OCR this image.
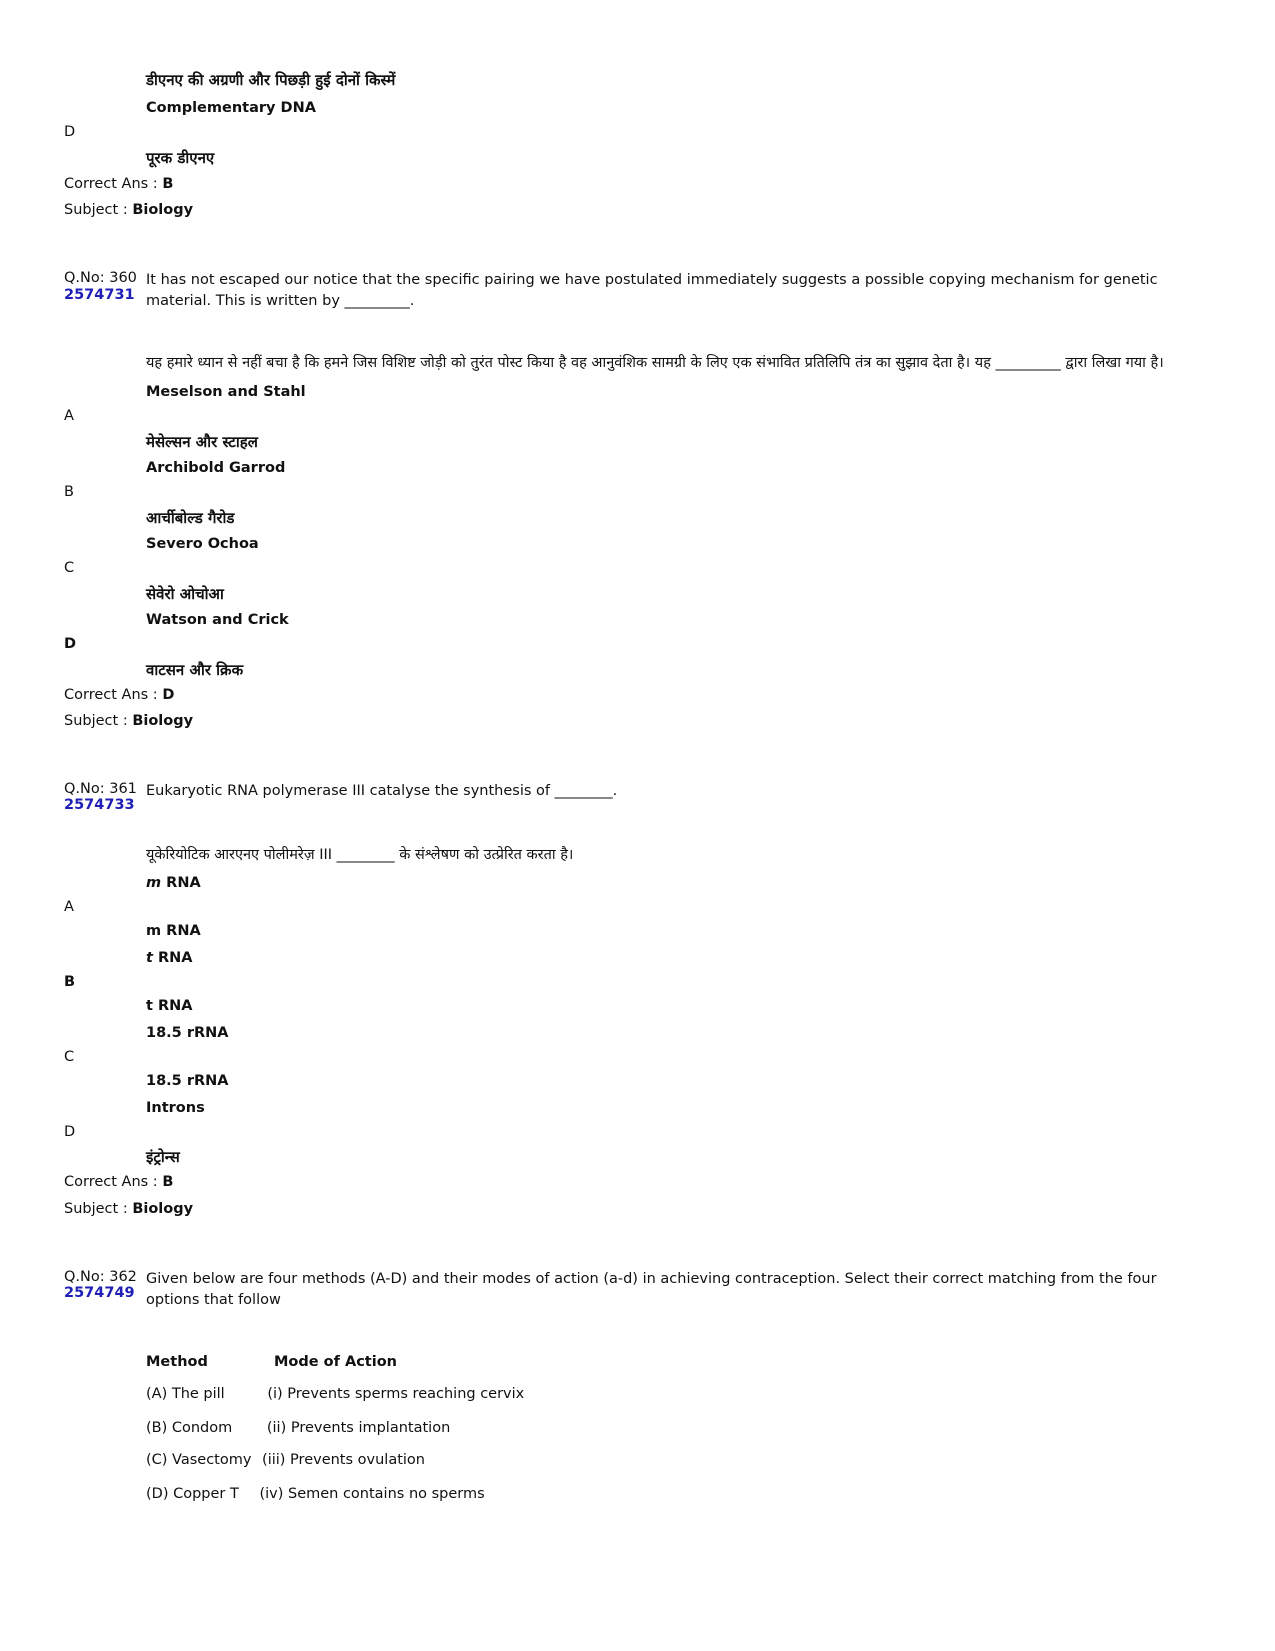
डीएनए की अग्रणी और पिछड़ी हुई दोनों किस्में
Complementary DNA
D
पूरक डीएनए
Correct Ans : B
Subject : Biology
Q.No: 360
2574731
It has not escaped our notice that the specific pairing we have postulated immediately suggests a possible copying mechanism for genetic material. This is written by _________.
यह हमारे ध्यान से नहीं बचा है कि हमने जिस विशिष्ट जोड़ी को तुरंत पोस्ट किया है वह आनुवंशिक सामग्री के लिए एक संभावित प्रतिलिपि तंत्र का सुझाव देता है। यह _________ द्वारा लिखा गया है।
Meselson and Stahl
A
मेसेल्सन और स्टाहल
Archibold Garrod
B
आर्चीबोल्ड गैरोड
Severo Ochoa
C
सेवेरो ओचोआ
Watson and Crick
D
वाटसन और क्रिक
Correct Ans : D
Subject : Biology
Q.No: 361
2574733
Eukaryotic RNA polymerase III catalyse the synthesis of ________.
यूकेरियोटिक आरएनए पोलीमरेज़ III ________ के संश्लेषण को उत्प्रेरित करता है।
m RNA
A
m RNA
t RNA
B
t RNA
18.5 rRNA
C
18.5 rRNA
Introns
D
इंट्रोन्स
Correct Ans : B
Subject : Biology
Q.No: 362
2574749
Given below are four methods (A-D) and their modes of action (a-d) in achieving contraception. Select their correct matching from the four options that follow
Method	Mode of Action
(A) The pill	(i) Prevents sperms reaching cervix
(B) Condom (ii) Prevents implantation
(C) Vasectomy (iii) Prevents ovulation
(D) Copper T (iv) Semen contains no sperms
